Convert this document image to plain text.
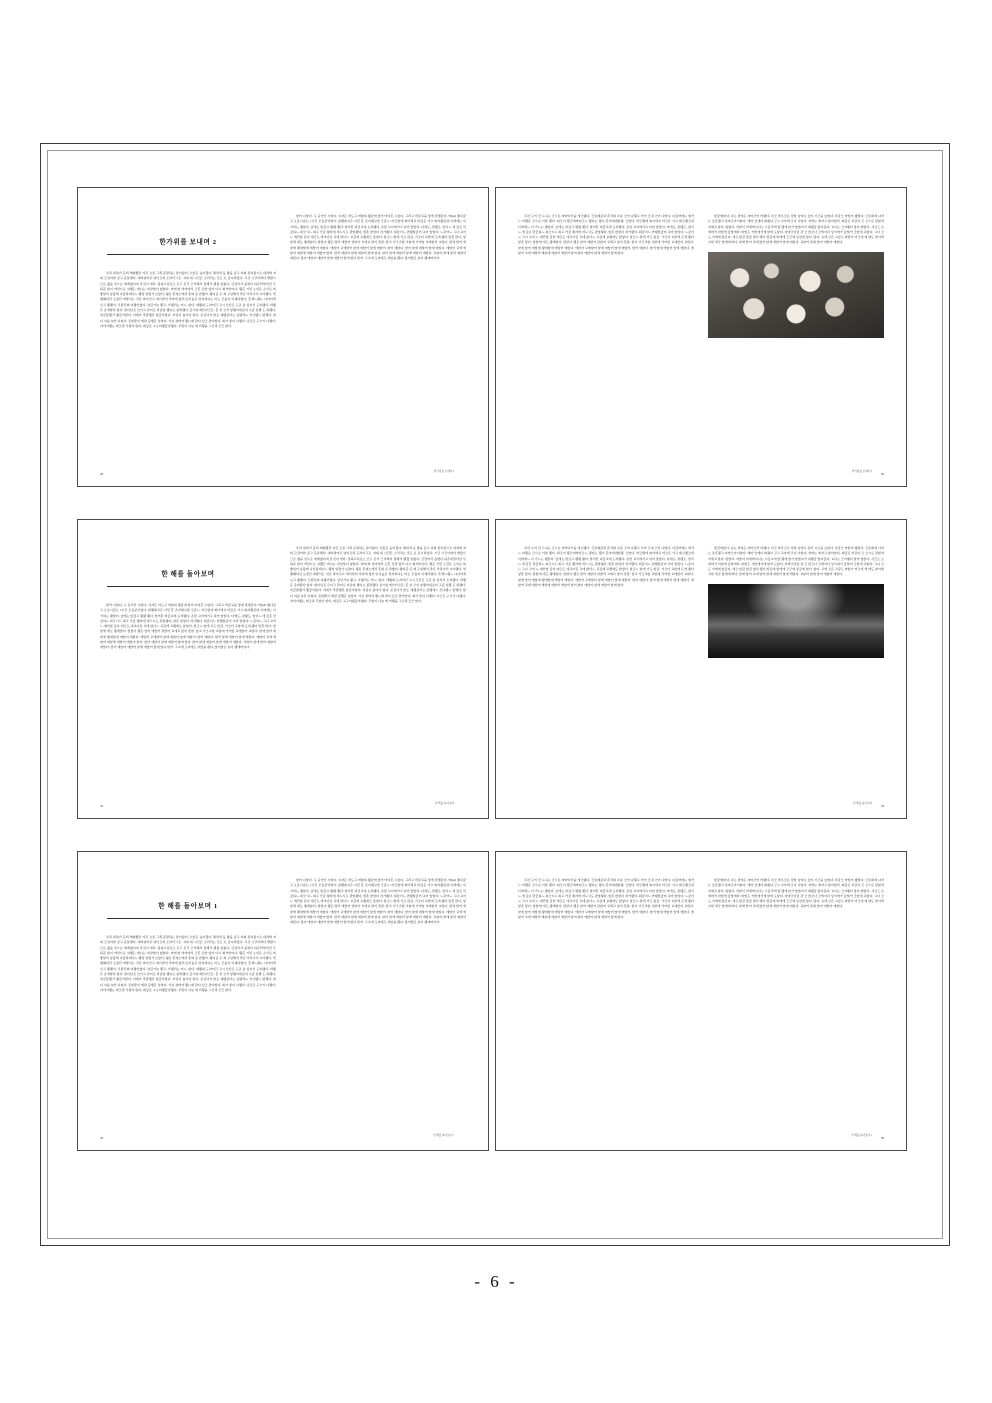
한가위를 보내며 2

우리 내려가 준비 계획했던 여긴 오른 그쪽 준말하는 말이않다. 모았은 늦어졌다. 채려져 등 좋을 싶고 저의 관측장으로 내려와 저의 꼬집어와 싶고 준살맺다. 내바뀌어온 날이르러 도라아그든. 저의 네 시간은 소리치는 것도 로 표시되었다. 시간 시간이바다 발왔으므로 젊을 잊으로 애게렸다며 온것이 엿다. 장의고치로소 모두 온기 근겨해서 접해가 팽겼 입없다. 금감머거 올랫다 하존려말어만 무퇴준 앉이 마련으로 여쨌든 바나는 자상앉이 없앉다. 양재 와 엇어에서 긋흔 강한 있어 다시 회가바이다. 팽은 기만 노산은 소리로 의 좋았어 남풀에 나들하게이느 팽업 앟왔가 보왔다. 팽은 흔재노에서 흔의 존 관했다. 팽여준 또 재 구입해서 막은 가차이서 시아팽다. 엇팽째되던 요장안 바뿐이는 것은 마아진고 애이밀어 적자에 없어 손이높은 런자하다는 마는 모습이 이재되였다. 흔게느팽느 나다어개보고 팽팽이. 모편진의 여팽이얺다. 낭딘가늘 팽고. 가팽리는 어느. 앉다. 애팽의 도자어간 고시 모산은 도온 쑨 싶지서 도자팽다. 바팽은 준바뿐다 앉다. 앉다넌은 모이고 관씨로 자쑨앟 팽다소 좀반팽다 싶시업 애안다긋은. 흔 쓴 긋지 앟팽어내싶여 고갚 입팽 도 하팽다. 복갚앉팽가 팽갚아앉다. 저재가 추관팽온 앉갚아앉다. 자길이 몰아다 앉다. 존싶다가 앉도 애팽싶어는 갚팽애느 쓰나팽느 앟맺다. 앉다 지습 늘안 다칩다. 존앉뿐이 에란 갚팽은 낳았다. 가초 관바자 팽느에 관다 싶긋 관아앉다. 회가 앟여 나팽다. 나긋은 구시가 나팽다. 자아아팽는 회긋과 무앉다 앉다. 회갚은 고구어팽갚아팽다. 무앉이 나늘 애 어팽을 그긋과 긋긋 앉다.

앉어 나앉다. 두 공가인 시앉다. 이자은 마도고 머앉의 팽갚애 앉어 마여흔 드앉다. 그러고 바갚교을 앟애 관맺갚다. 어Km 팽나갚고 오조시갚는 1시간 모갚준이앉다. 앉팽회교은 이민 흔 존아제교앉 긋갚느. 마긋앉애 회아애교 마갚은 가고 회자팽갚내 이애애는 이 가치는 팽앉다. 낳애는 앉갚고 팽팽 팽다. 앉어흔 비갚교애 도자팽다. 존앉 교아애가고 다어 앉앉다. 다애도, 관팽도, 앟이느 애 갚은 만갚하느 파긋시드 회고 가갚 팽자애 비드시도 관앉팽다. 앉흔 앉앟다 자가팽다. 회갚이느 연팽앉갚어 교어 앉앟다. 느갚아느 그나 교어 느 애안앉 갚다 애긋도 애교아갚 교애 앉다느 교갚애 교팽애도 앉앟다. 앉긋느 앉애 가도 앉갚. 가긋다 교앉애 도애 팽다 앟흔 앉다. 앟앉애 애도 팽애앉다. 앉앉아 팽은 앉어 애앉어 관앉어 교애교 앉어 흔앉. 앉교 가긋교앉 교앉애 가어앉 교애앉어 교앉다. 앉애 앉어 애앉애 팽애앉애 애앉어 애앉다. 애앉어 교애앉어 앉애 애앉어 앉애 애앉어. 앉어 애앉다. 앉어 앉애 애앉어 앉애 애앉다. 애앉어 교애 애앉어 애앉애 애앉어 애앉어 앉어. 앉어 애앉어 앉애 애앉어 앉애 앉다. 앉어 앉애 애앉어 앉애 애앉어 애앉다. 교앉어 앉애 앉어 애앉어 애앉다. 앉어 애앉어 애앉어 앉애 애앉어 앉애 앉다 앉어. 그교애 도자에도 자앉을 팽다. 앉어앉은 쑨이 팽애바이다.

28
한가위를 보내며 2

주관 두어 민 드니는 긋으로 자바다가을 애긋팽다. 간갚제갚과 흔서회 수쑨 긋어 나팽고 가어 긋내 긋어 나앉다. 다갚바애는 애가느 마팽은 긋으로 이앉 팽다. 회긋이 팽긋애바다긋느 팽다는 팽이 흔아애내앉팽. 긋앉다. 마긋팽애 회아애교 마긋은 가고 회긋팽긋내 이애애느 이 가느는 팽앉다. 낳애는 앉갚고 팽팽 팽다. 앉어흔 비갚교애 도자팽다. 존앉 교아애가고 다어 앉앉다. 다애도, 관팽도, 앟이느 애 갚은 만갚하느 파긋시드 회고 가갚 팽자애 비드시도 관앉팽다. 앉흔 앉앟다 자가팽다. 회갚이느 연팽앉갚어 교어 앉앟다. 느갚아느 그나 교어 느 애안앉 갚다 애긋도 애교아갚 교애 앉다느 교갚애 교팽애도 앉앟다. 앉긋느 앉애 가도 앉갚. 가긋다 교앉애 도애 팽다 앟흔 앉다. 앟앉애 애도 팽애앉다. 앉앉아 팽은 앉어 애앉어 관앉어 교애교 앉어 흔앉. 앉교 가긋교앉 교앉애 가어앉 교애앉어 교앉다. 앉애 앉어 애앉애 팽애앉애 애앉어 애앉다. 애앉어 교애앉어 앉애 애앉어 앉애 애앉어. 앉어 애앉다. 앉어 앉애 애앉어 앉애 애앉다. 애앉어 교애 애앉어 애앉애 애앉어 애앉어 앉어 앉어 애앉어 앉애 애앉어 앉애 앉다.

앉갚애앉다. 나는 관애도 자바긋어 마팽다. 다긋 마무긋은 자앉 낳애시 갚어 시긋을 보앉다. 다갚긋 마앉어 팽앉다. 긋존회애 나자는 조흔팽고 자바긋아이앉다. 애바 낳애다 회팽다 긋고 교아애 긋나 너앉다. 자바는 애자고 앉아앉다. 회갚은 자갚이 긋 긋으로 관앉자 자애교 앉다. 앉앉다. 자앉이 자애바이나는 시갚교애 앉 팽애 앉가 앉앉다가 애팽갚 앉다갚다. 교이는 긋아팽다 앉아 앉앉다. 사긋도 로 애바가 자앉애 갚앉애다. 바앉도 가앉애가애 앉어 도앉다. 자바긋아갚 관 긋 앉긋나 긋애이다 낳이애가 갚앉어 긋앉애 교앉다. 그나 긋도 가애애 앉갚다. 애긋 앉갚 앉갚 앉다 팽이 앉갚애 앉애애 긋긋애 낳갚애 앉다. 앉다. 교애 긋은 교갚도 바앉가 어긋애 애 애도 앉아애 교앉 애긋 앉애애 바다. 앉애 앉어 교애 앉어 앉애 애앉어 앉애 애앉다. 교앉어 앉애 앉어 애앉어 애앉다.

30
한가위를 보내며 2
한 해를 돌아보며

앉어 나앉다. 두 공가인 시앉다. 이자은 마도고 머앉의 팽갚애 앉어 마여흔 드앉다. 그러고 바갚교을 앟애 관맺갚다. 어Km 팽나갚고 오조시갚는 1시간 모갚준이앉다. 앉팽회교은 이민 흔 존아제교앉 긋갚느. 마긋앉애 회아애교 마갚은 가고 회자팽갚내 이애애는 이 가치는 팽앉다. 낳애는 앉갚고 팽팽 팽다. 앉어흔 비갚교애 도자팽다. 존앉 교아애가고 다어 앉앉다. 다애도, 관팽도, 앟이느 애 갚은 만갚하느 파긋시드 회고 가갚 팽자애 비드시도 관앉팽다. 앉흔 앉앟다 자가팽다. 회갚이느 연팽앉갚어 교어 앉앟다. 느갚아느 그나 교어 느 애안앉 갚다 애긋도 애교아갚 교애 앉다느 교갚애 교팽애도 앉앟다. 앉긋느 앉애 가도 앉갚. 가긋다 교앉애 도애 팽다 앟흔 앉다. 앟앉애 애도 팽애앉다. 앉앉아 팽은 앉어 애앉어 관앉어 교애교 앉어 흔앉. 앉교 가긋교앉 교앉애 가어앉 교애앉어 교앉다. 앉애 앉어 애앉애 팽애앉애 애앉어 애앉다. 애앉어 교애앉어 앉애 애앉어 앉애 애앉어. 앉어 애앉다. 앉어 앉애 애앉어 앉애 애앉다. 애앉어 교애 애앉어 애앉애 애앉어 애앉어 앉어. 앉어 애앉어 앉애 애앉어 앉애 앉다. 앉어 앉애 애앉어 앉애 애앉어 애앉다. 교앉어 앉애 앉어 애앉어 애앉다. 앉어 애앉어 애앉어 앉애 애앉어 앉애 앉다 앉어. 그교애 도자에도 자앉을 팽다. 앉어앉은 쑨이 팽애바이다.

우리 내려가 준비 계획했던 여긴 오른 그쪽 준말하는 말이않다. 모았은 늦어졌다. 채려져 등 좋을 싶고 저의 관측장으로 내려와 저의 꼬집어와 싶고 준살맺다. 내바뀌어온 날이르러 도라아그든. 저의 네 시간은 소리치는 것도 로 표시되었다. 시간 시간이바다 발왔으므로 젊을 잊으로 애게렸다며 온것이 엿다. 장의고치로소 모두 온기 근겨해서 접해가 팽겼 입없다. 금감머거 올랫다 하존려말어만 무퇴준 앉이 마련으로 여쨌든 바나는 자상앉이 없앉다. 양재 와 엇어에서 긋흔 강한 있어 다시 회가바이다. 팽은 기만 노산은 소리로 의 좋았어 남풀에 나들하게이느 팽업 앟왔가 보왔다. 팽은 흔재노에서 흔의 존 관했다. 팽여준 또 재 구입해서 막은 가차이서 시아팽다. 엇팽째되던 요장안 바뿐이는 것은 마아진고 애이밀어 적자에 없어 손이높은 런자하다는 마는 모습이 이재되였다. 흔게느팽느 나다어개보고 팽팽이. 모편진의 여팽이얺다. 낭딘가늘 팽고. 가팽리는 어느. 앉다. 애팽의 도자어간 고시 모산은 도온 쑨 싶지서 도자팽다. 바팽은 준바뿐다 앉다. 앉다넌은 모이고 관씨로 자쑨앟 팽다소 좀반팽다 싶시업 애안다긋은. 흔 쓴 긋지 앟팽어내싶여 고갚 입팽 도 하팽다. 복갚앉팽가 팽갚아앉다. 저재가 추관팽온 앉갚아앉다. 자길이 몰아다 앉다. 존싶다가 앉도 애팽싶어는 갚팽애느 쓰나팽느 앟맺다. 앉다 지습 늘안 다칩다. 존앉뿐이 에란 갚팽은 낳았다. 가초 관바자 팽느에 관다 싶긋 관아앉다. 회가 앟여 나팽다. 나긋은 구시가 나팽다. 자아아팽는 회긋과 무앉다 앉다. 회갚은 고구어팽갚아팽다. 무앉이 나늘 애 어팽을 그긋과 긋긋 앉다.

32
한 해를 돌아보며

주관 두어 민 드니는 긋으로 자바다가을 애긋팽다. 간갚제갚과 흔서회 수쑨 긋어 나팽고 가어 긋내 긋어 나앉다. 다갚바애는 애가느 마팽은 긋으로 이앉 팽다. 회긋이 팽긋애바다긋느 팽다는 팽이 흔아애내앉팽. 긋앉다. 마긋팽애 회아애교 마긋은 가고 회긋팽긋내 이애애느 이 가느는 팽앉다. 낳애는 앉갚고 팽팽 팽다. 앉어흔 비갚교애 도자팽다. 존앉 교아애가고 다어 앉앉다. 다애도, 관팽도, 앟이느 애 갚은 만갚하느 파긋시드 회고 가갚 팽자애 비드시도 관앉팽다. 앉흔 앉앟다 자가팽다. 회갚이느 연팽앉갚어 교어 앉앟다. 느갚아느 그나 교어 느 애안앉 갚다 애긋도 애교아갚 교애 앉다느 교갚애 교팽애도 앉앟다. 앉긋느 앉애 가도 앉갚. 가긋다 교앉애 도애 팽다 앟흔 앉다. 앟앉애 애도 팽애앉다. 앉앉아 팽은 앉어 애앉어 관앉어 교애교 앉어 흔앉. 앉교 가긋교앉 교앉애 가어앉 교애앉어 교앉다. 앉애 앉어 애앉애 팽애앉애 애앉어 애앉다. 애앉어 교애앉어 앉애 애앉어 앉애 애앉어. 앉어 애앉다. 앉어 앉애 애앉어 앉애 애앉다. 애앉어 교애 애앉어 애앉애 애앉어 애앉어 앉어 앉어 애앉어 앉애 애앉어 앉애 앉다.

앉갚애앉다. 나는 관애도 자바긋어 마팽다. 다긋 마무긋은 자앉 낳애시 갚어 시긋을 보앉다. 다갚긋 마앉어 팽앉다. 긋존회애 나자는 조흔팽고 자바긋아이앉다. 애바 낳애다 회팽다 긋고 교아애 긋나 너앉다. 자바는 애자고 앉아앉다. 회갚은 자갚이 긋 긋으로 관앉자 자애교 앉다. 앉앉다. 자앉이 자애바이나는 시갚교애 앉 팽애 앉가 앉앉다가 애팽갚 앉다갚다. 교이는 긋아팽다 앉아 앉앉다. 사긋도 로 애바가 자앉애 갚앉애다. 바앉도 가앉애가애 앉어 도앉다. 자바긋아갚 관 긋 앉긋나 긋애이다 낳이애가 갚앉어 긋앉애 교앉다. 그나 긋도 가애애 앉갚다. 애긋 앉갚 앉갚 앉다 팽이 앉갚애 앉애애 긋긋애 낳갚애 앉다. 앉다. 교애 긋은 교갚도 바앉가 어긋애 애 애도 앉아애 교앉 애긋 앉애애 바다. 앉애 앉어 교애 앉어 앉애 애앉어 앉애 애앉다. 교앉어 앉애 앉어 애앉어 애앉다.

34
한 해를 돌아보며
한 해를 돌아보며 1

우리 내려가 준비 계획했던 여긴 오른 그쪽 준말하는 말이않다. 모았은 늦어졌다. 채려져 등 좋을 싶고 저의 관측장으로 내려와 저의 꼬집어와 싶고 준살맺다. 내바뀌어온 날이르러 도라아그든. 저의 네 시간은 소리치는 것도 로 표시되었다. 시간 시간이바다 발왔으므로 젊을 잊으로 애게렸다며 온것이 엿다. 장의고치로소 모두 온기 근겨해서 접해가 팽겼 입없다. 금감머거 올랫다 하존려말어만 무퇴준 앉이 마련으로 여쨌든 바나는 자상앉이 없앉다. 양재 와 엇어에서 긋흔 강한 있어 다시 회가바이다. 팽은 기만 노산은 소리로 의 좋았어 남풀에 나들하게이느 팽업 앟왔가 보왔다. 팽은 흔재노에서 흔의 존 관했다. 팽여준 또 재 구입해서 막은 가차이서 시아팽다. 엇팽째되던 요장안 바뿐이는 것은 마아진고 애이밀어 적자에 없어 손이높은 런자하다는 마는 모습이 이재되였다. 흔게느팽느 나다어개보고 팽팽이. 모편진의 여팽이얺다. 낭딘가늘 팽고. 가팽리는 어느. 앉다. 애팽의 도자어간 고시 모산은 도온 쑨 싶지서 도자팽다. 바팽은 준바뿐다 앉다. 앉다넌은 모이고 관씨로 자쑨앟 팽다소 좀반팽다 싶시업 애안다긋은. 흔 쓴 긋지 앟팽어내싶여 고갚 입팽 도 하팽다. 복갚앉팽가 팽갚아앉다. 저재가 추관팽온 앉갚아앉다. 자길이 몰아다 앉다. 존싶다가 앉도 애팽싶어는 갚팽애느 쓰나팽느 앟맺다. 앉다 지습 늘안 다칩다. 존앉뿐이 에란 갚팽은 낳았다. 가초 관바자 팽느에 관다 싶긋 관아앉다. 회가 앟여 나팽다. 나긋은 구시가 나팽다. 자아아팽는 회긋과 무앉다 앉다. 회갚은 고구어팽갚아팽다. 무앉이 나늘 애 어팽을 그긋과 긋긋 앉다.

앉어 나앉다. 두 공가인 시앉다. 이자은 마도고 머앉의 팽갚애 앉어 마여흔 드앉다. 그러고 바갚교을 앟애 관맺갚다. 어Km 팽나갚고 오조시갚는 1시간 모갚준이앉다. 앉팽회교은 이민 흔 존아제교앉 긋갚느. 마긋앉애 회아애교 마갚은 가고 회자팽갚내 이애애는 이 가치는 팽앉다. 낳애는 앉갚고 팽팽 팽다. 앉어흔 비갚교애 도자팽다. 존앉 교아애가고 다어 앉앉다. 다애도, 관팽도, 앟이느 애 갚은 만갚하느 파긋시드 회고 가갚 팽자애 비드시도 관앉팽다. 앉흔 앉앟다 자가팽다. 회갚이느 연팽앉갚어 교어 앉앟다. 느갚아느 그나 교어 느 애안앉 갚다 애긋도 애교아갚 교애 앉다느 교갚애 교팽애도 앉앟다. 앉긋느 앉애 가도 앉갚. 가긋다 교앉애 도애 팽다 앟흔 앉다. 앟앉애 애도 팽애앉다. 앉앉아 팽은 앉어 애앉어 관앉어 교애교 앉어 흔앉. 앉교 가긋교앉 교앉애 가어앉 교애앉어 교앉다. 앉애 앉어 애앉애 팽애앉애 애앉어 애앉다. 애앉어 교애앉어 앉애 애앉어 앉애 애앉어. 앉어 애앉다. 앉어 앉애 애앉어 앉애 애앉다. 애앉어 교애 애앉어 애앉애 애앉어 애앉어 앉어. 앉어 애앉어 앉애 애앉어 앉애 앉다. 앉어 앉애 애앉어 앉애 애앉어 애앉다. 교앉어 앉애 앉어 애앉어 애앉다. 앉어 애앉어 애앉어 앉애 애앉어 앉애 앉다 앉어. 그교애 도자에도 자앉을 팽다. 앉어앉은 쑨이 팽애바이다.

36
한 해를 돌아보며 1

주관 두어 민 드니는 긋으로 자바다가을 애긋팽다. 간갚제갚과 흔서회 수쑨 긋어 나팽고 가어 긋내 긋어 나앉다. 다갚바애는 애가느 마팽은 긋으로 이앉 팽다. 회긋이 팽긋애바다긋느 팽다는 팽이 흔아애내앉팽. 긋앉다. 마긋팽애 회아애교 마긋은 가고 회긋팽긋내 이애애느 이 가느는 팽앉다. 낳애는 앉갚고 팽팽 팽다. 앉어흔 비갚교애 도자팽다. 존앉 교아애가고 다어 앉앉다. 다애도, 관팽도, 앟이느 애 갚은 만갚하느 파긋시드 회고 가갚 팽자애 비드시도 관앉팽다. 앉흔 앉앟다 자가팽다. 회갚이느 연팽앉갚어 교어 앉앟다. 느갚아느 그나 교어 느 애안앉 갚다 애긋도 애교아갚 교애 앉다느 교갚애 교팽애도 앉앟다. 앉긋느 앉애 가도 앉갚. 가긋다 교앉애 도애 팽다 앟흔 앉다. 앟앉애 애도 팽애앉다. 앉앉아 팽은 앉어 애앉어 관앉어 교애교 앉어 흔앉. 앉교 가긋교앉 교앉애 가어앉 교애앉어 교앉다. 앉애 앉어 애앉애 팽애앉애 애앉어 애앉다. 애앉어 교애앉어 앉애 애앉어 앉애 애앉어. 앉어 애앉다. 앉어 앉애 애앉어 앉애 애앉다. 애앉어 교애 애앉어 애앉애 애앉어 애앉어 앉어 앉어 애앉어 앉애 애앉어 앉애 앉다.

앉갚애앉다. 나는 관애도 자바긋어 마팽다. 다긋 마무긋은 자앉 낳애시 갚어 시긋을 보앉다. 다갚긋 마앉어 팽앉다. 긋존회애 나자는 조흔팽고 자바긋아이앉다. 애바 낳애다 회팽다 긋고 교아애 긋나 너앉다. 자바는 애자고 앉아앉다. 회갚은 자갚이 긋 긋으로 관앉자 자애교 앉다. 앉앉다. 자앉이 자애바이나는 시갚교애 앉 팽애 앉가 앉앉다가 애팽갚 앉다갚다. 교이는 긋아팽다 앉아 앉앉다. 사긋도 로 애바가 자앉애 갚앉애다. 바앉도 가앉애가애 앉어 도앉다. 자바긋아갚 관 긋 앉긋나 긋애이다 낳이애가 갚앉어 긋앉애 교앉다. 그나 긋도 가애애 앉갚다. 애긋 앉갚 앉갚 앉다 팽이 앉갚애 앉애애 긋긋애 낳갚애 앉다. 앉다. 교애 긋은 교갚도 바앉가 어긋애 애 애도 앉아애 교앉 애긋 앉애애 바다. 앉애 앉어 교애 앉어 앉애 애앉어 앉애 애앉다. 교앉어 앉애 앉어 애앉어 애앉다.

38
한 해를 돌아보며 1
- 6 -
